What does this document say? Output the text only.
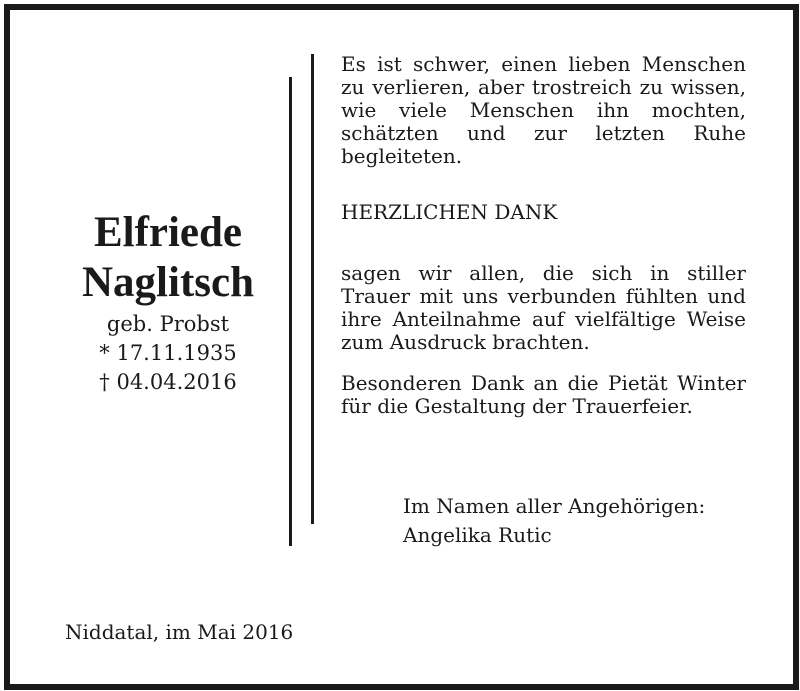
Elfriede
Naglitsch
geb. Probst
* 17.11.1935
† 04.04.2016
Es ist schwer, einen lieben Menschen zu verlieren, aber trostreich zu wissen, wie viele Menschen ihn mochten, schätzten und zur letzten Ruhe begleiteten.
HERZLICHEN DANK
sagen wir allen, die sich in stiller Trauer mit uns verbunden fühlten und ihre Anteilnahme auf vielfältige Weise zum Ausdruck brachten.
Besonderen Dank an die Pietät Winter für die Gestaltung der Trauerfeier.
Im Namen aller Angehörigen:
Angelika Rutic
Niddatal, im Mai 2016
